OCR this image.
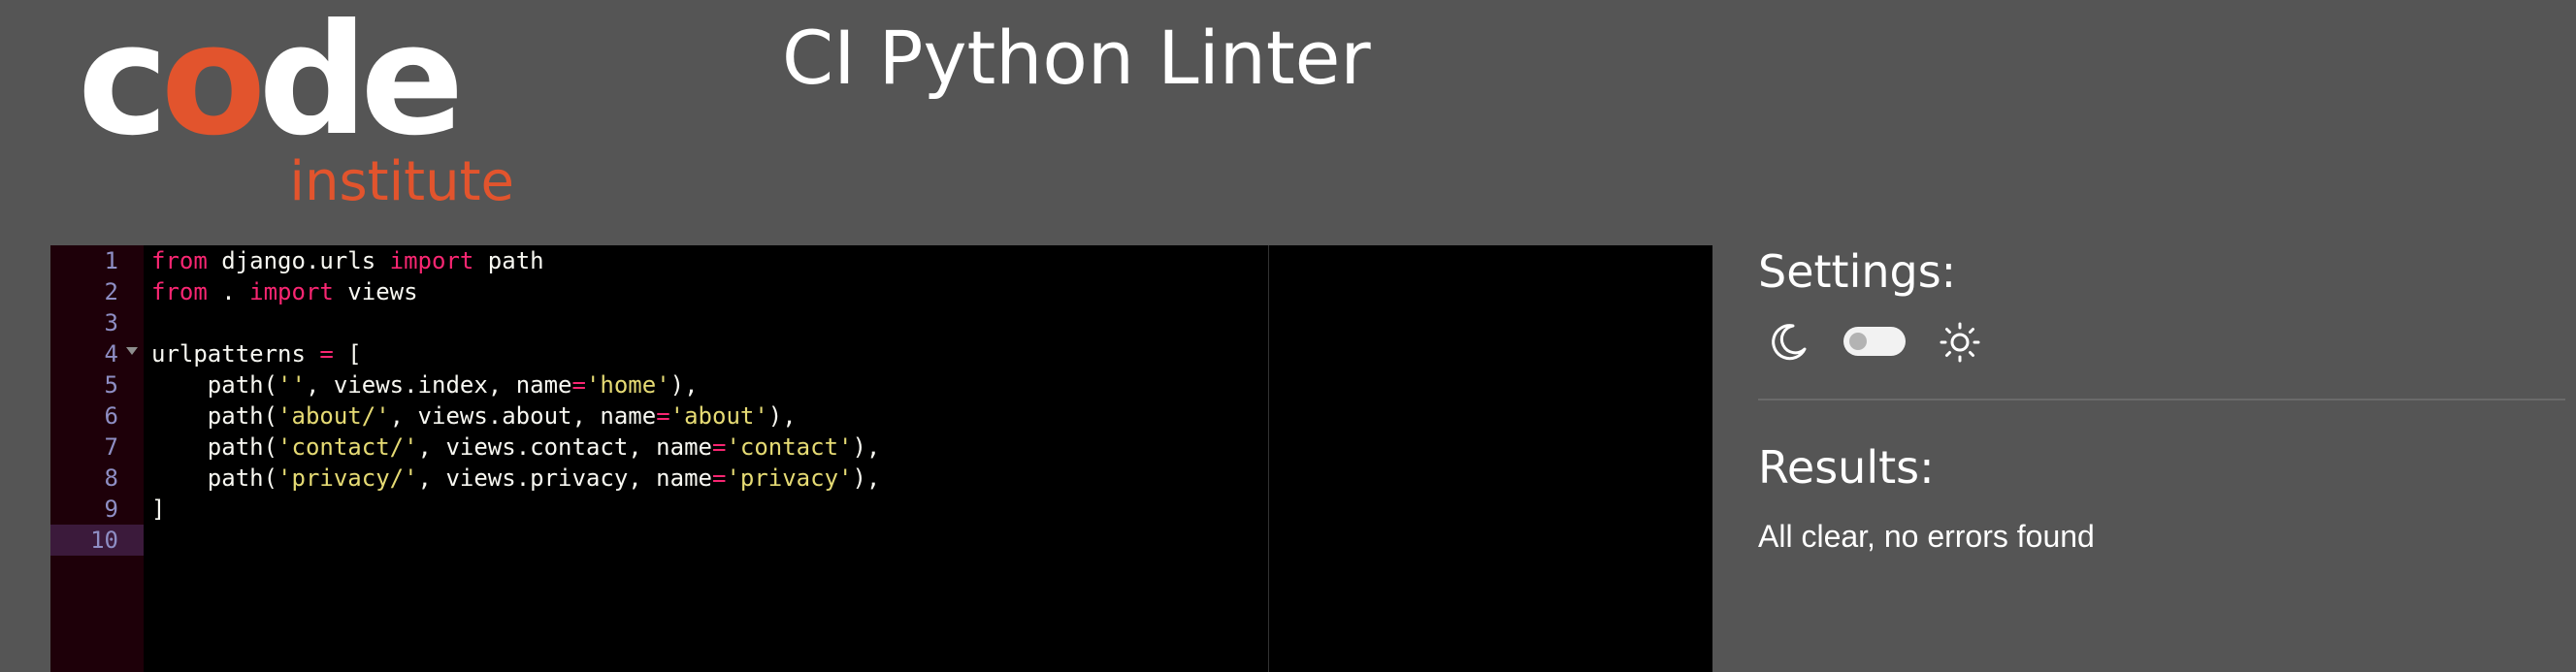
code
institute
CI Python Linter
1
2
3
4
5
6
7
8
9
10
from django.urls import path
from . import views
urlpatterns = [
path('', views.index, name='home'),
path('about/', views.about, name='about'),
path('contact/', views.contact, name='contact'),
path('privacy/', views.privacy, name='privacy'),
]
Settings:
Results:
All clear, no errors found
